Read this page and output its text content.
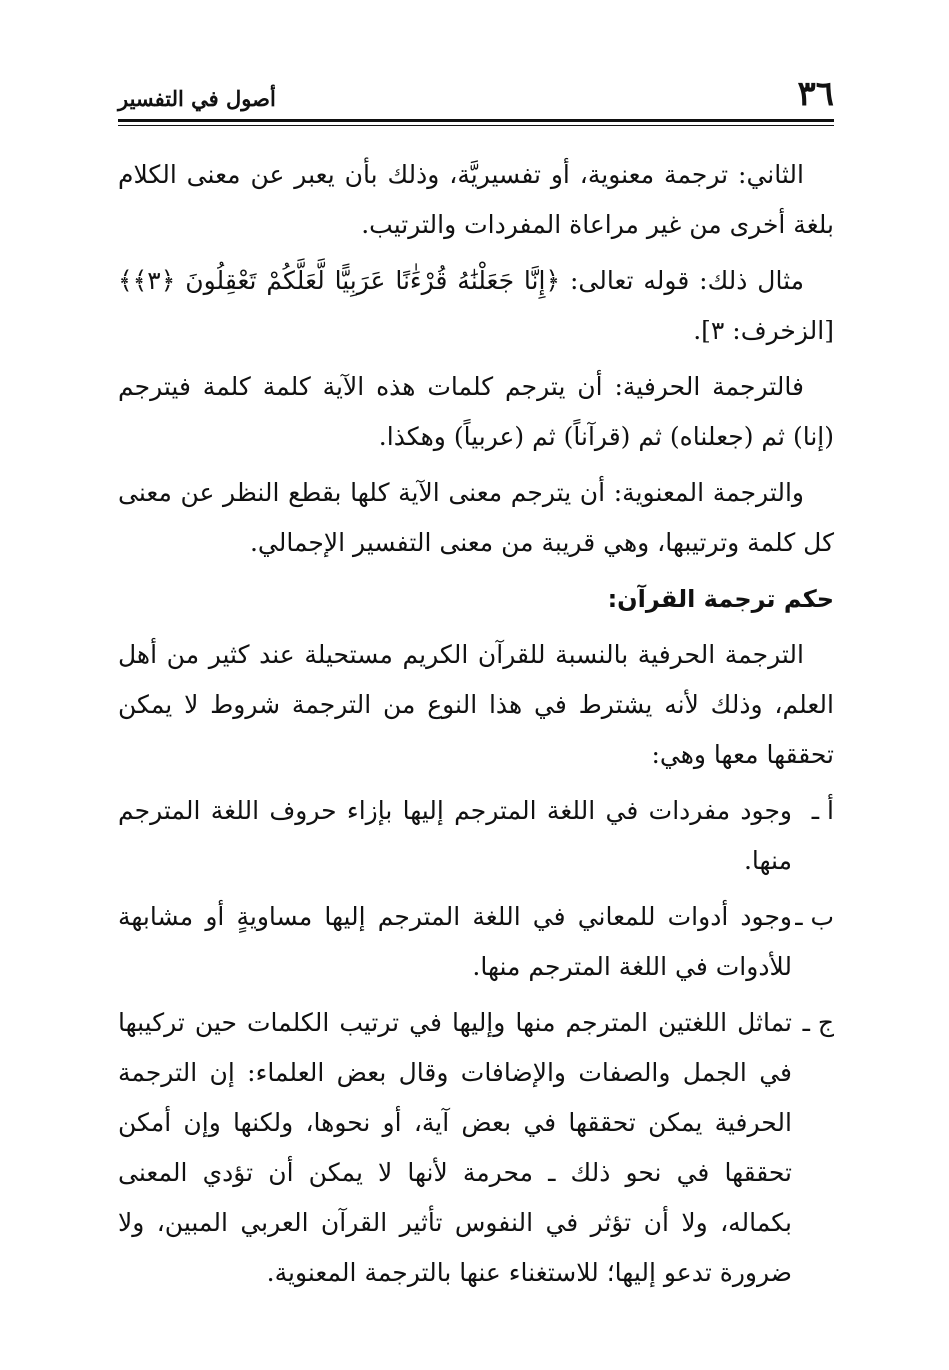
٣٦
أصول في التفسير

الثاني: ترجمة معنوية، أو تفسيريَّة، وذلك بأن يعبر عن معنى الكلام بلغة أخرى من غير مراعاة المفردات والترتيب.

مثال ذلك: قوله تعالى: ﴿إِنَّا جَعَلْنَٰهُ قُرْءَٰنًا عَرَبِيًّا لَّعَلَّكُمْ تَعْقِلُونَ ﴿٣﴾﴾ [الزخرف: ٣].

فالترجمة الحرفية: أن يترجم كلمات هذه الآية كلمة كلمة فيترجم (إنا) ثم (جعلناه) ثم (قرآناً) ثم (عربياً) وهكذا.

والترجمة المعنوية: أن يترجم معنى الآية كلها بقطع النظر عن معنى كل كلمة وترتيبها، وهي قريبة من معنى التفسير الإجمالي.

حكم ترجمة القرآن:

الترجمة الحرفية بالنسبة للقرآن الكريم مستحيلة عند كثير من أهل العلم، وذلك لأنه يشترط في هذا النوع من الترجمة شروط لا يمكن تحققها معها وهي:

أ ـ
وجود مفردات في اللغة المترجم إليها بإزاء حروف اللغة المترجم منها.
ب ـ
وجود أدوات للمعاني في اللغة المترجم إليها مساويةٍ أو مشابهة للأدوات في اللغة المترجم منها.
ج ـ
تماثل اللغتين المترجم منها وإليها في ترتيب الكلمات حين تركيبها في الجمل والصفات والإضافات وقال بعض العلماء: إن الترجمة الحرفية يمكن تحققها في بعض آية، أو نحوها، ولكنها وإن أمكن تحققها في نحو ذلك ـ محرمة لأنها لا يمكن أن تؤدي المعنى بكماله، ولا أن تؤثر في النفوس تأثير القرآن العربي المبين، ولا ضرورة تدعو إليها؛ للاستغناء عنها بالترجمة المعنوية.
